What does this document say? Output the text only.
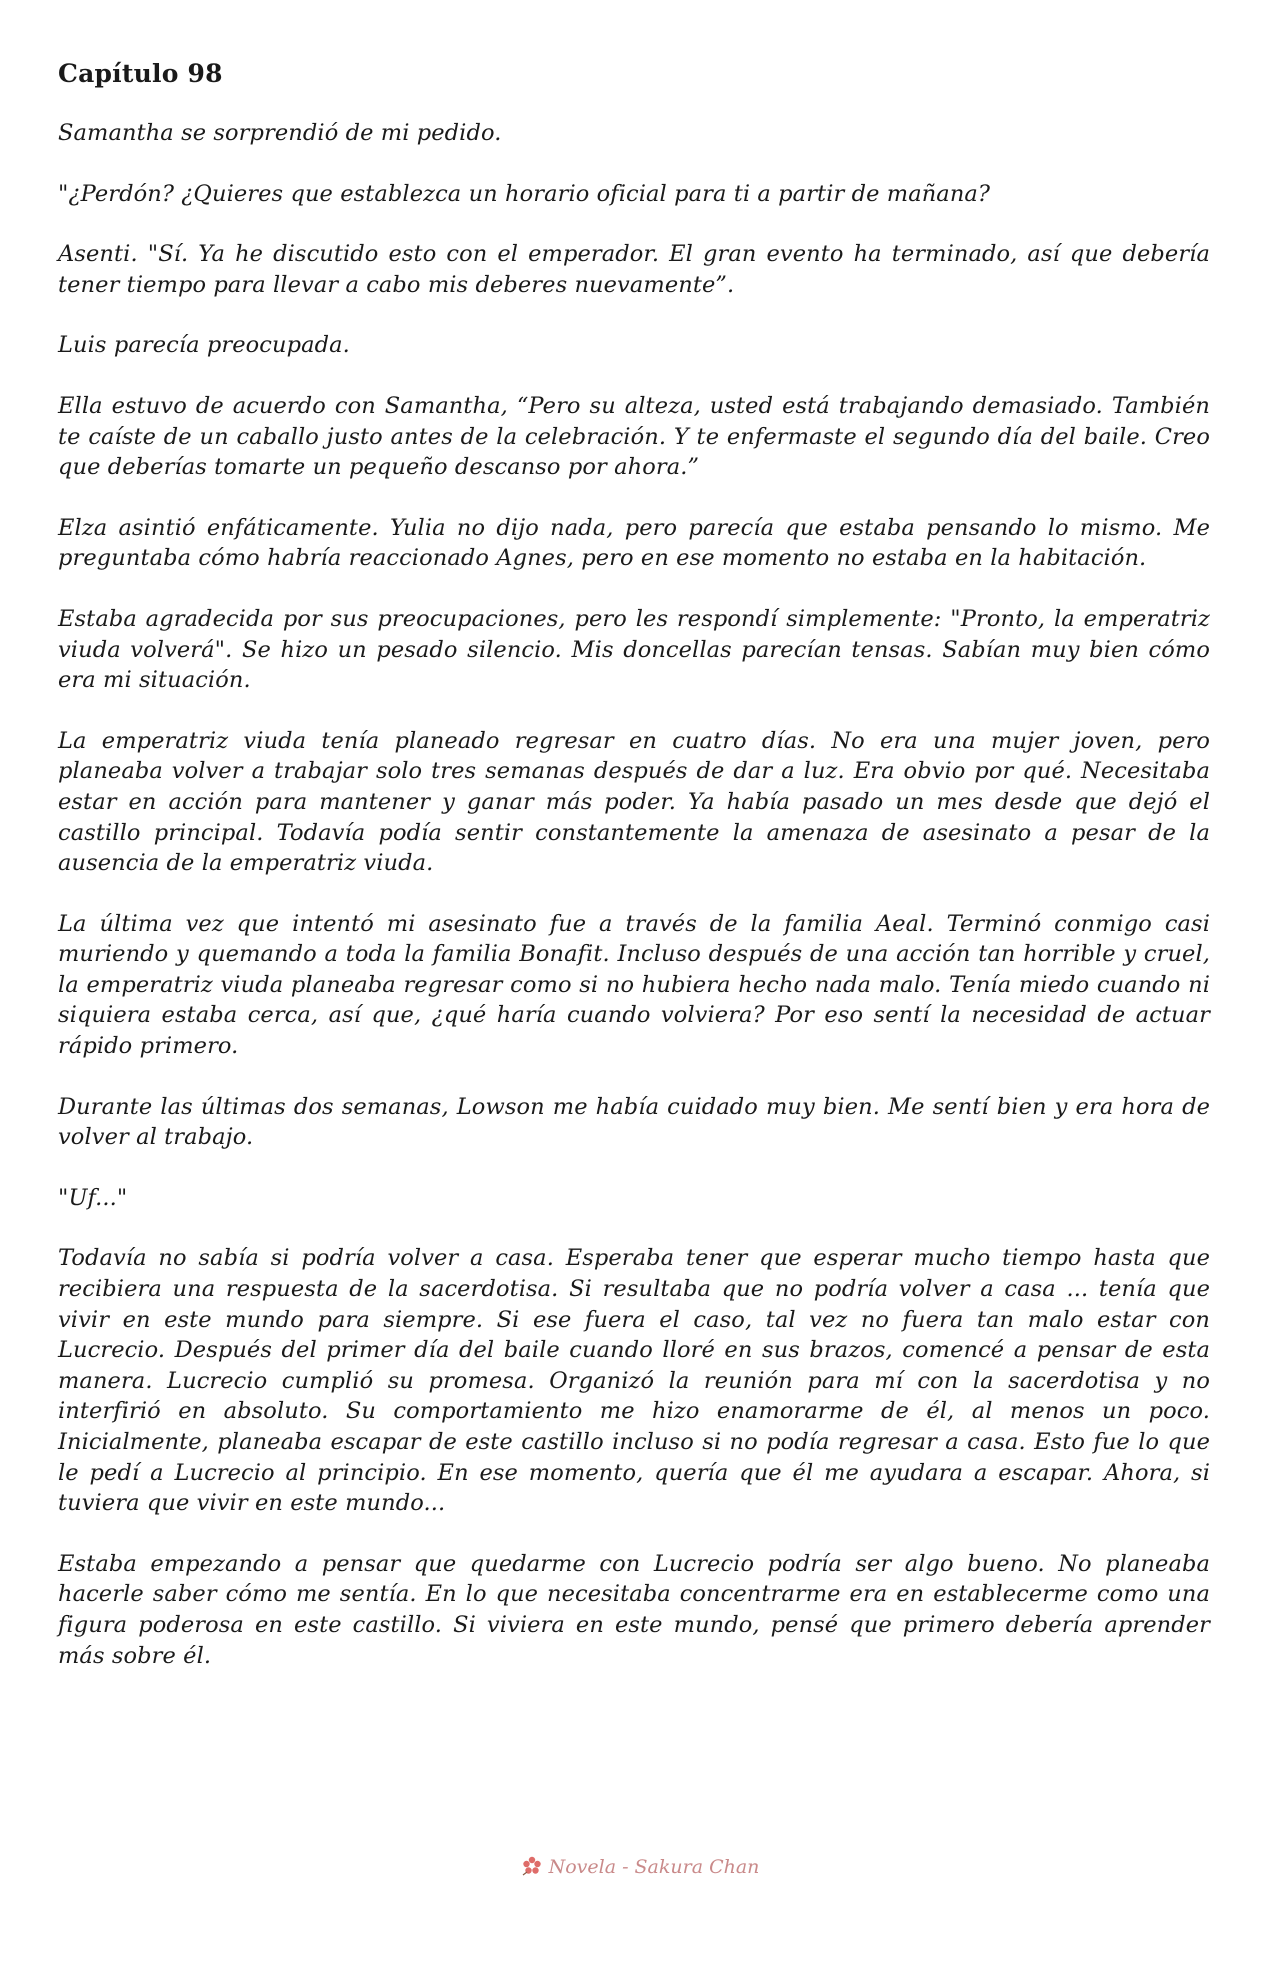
Capítulo 98

Samantha se sorprendió de mi pedido.

"¿Perdón? ¿Quieres que establezca un horario oficial para ti a partir de mañana?

Asenti. "Sí. Ya he discutido esto con el emperador. El gran evento ha terminado, así que debería tener tiempo para llevar a cabo mis deberes nuevamente”.

Luis parecía preocupada.

Ella estuvo de acuerdo con Samantha, “Pero su alteza, usted está trabajando demasiado. También te caíste de un caballo justo antes de la celebración. Y te enfermaste el segundo día del baile. Creo que deberías tomarte un pequeño descanso por ahora.”

Elza asintió enfáticamente. Yulia no dijo nada, pero parecía que estaba pensando lo mismo. Me preguntaba cómo habría reaccionado Agnes, pero en ese momento no estaba en la habitación.

Estaba agradecida por sus preocupaciones, pero les respondí simplemente: "Pronto, la emperatriz viuda volverá". Se hizo un pesado silencio. Mis doncellas parecían tensas. Sabían muy bien cómo era mi situación.

La emperatriz viuda tenía planeado regresar en cuatro días. No era una mujer joven, pero planeaba volver a trabajar solo tres semanas después de dar a luz. Era obvio por qué. Necesitaba estar en acción para mantener y ganar más poder. Ya había pasado un mes desde que dejó el castillo principal. Todavía podía sentir constantemente la amenaza de asesinato a pesar de la ausencia de la emperatriz viuda.

La última vez que intentó mi asesinato fue a través de la familia Aeal. Terminó conmigo casi muriendo y quemando a toda la familia Bonafit. Incluso después de una acción tan horrible y cruel, la emperatriz viuda planeaba regresar como si no hubiera hecho nada malo. Tenía miedo cuando ni siquiera estaba cerca, así que, ¿qué haría cuando volviera? Por eso sentí la necesidad de actuar rápido primero.

Durante las últimas dos semanas, Lowson me había cuidado muy bien. Me sentí bien y era hora de volver al trabajo.

"Uf..."

Todavía no sabía si podría volver a casa. Esperaba tener que esperar mucho tiempo hasta que recibiera una respuesta de la sacerdotisa. Si resultaba que no podría volver a casa ... tenía que vivir en este mundo para siempre. Si ese fuera el caso, tal vez no fuera tan malo estar con Lucrecio. Después del primer día del baile cuando lloré en sus brazos, comencé a pensar de esta manera. Lucrecio cumplió su promesa. Organizó la reunión para mí con la sacerdotisa y no interfirió en absoluto. Su comportamiento me hizo enamorarme de él, al menos un poco. Inicialmente, planeaba escapar de este castillo incluso si no podía regresar a casa. Esto fue lo que le pedí a Lucrecio al principio. En ese momento, quería que él me ayudara a escapar. Ahora, si tuviera que vivir en este mundo...

Estaba empezando a pensar que quedarme con Lucrecio podría ser algo bueno. No planeaba hacerle saber cómo me sentía. En lo que necesitaba concentrarme era en establecerme como una figura poderosa en este castillo. Si viviera en este mundo, pensé que primero debería aprender más sobre él.

Novela - Sakura Chan
